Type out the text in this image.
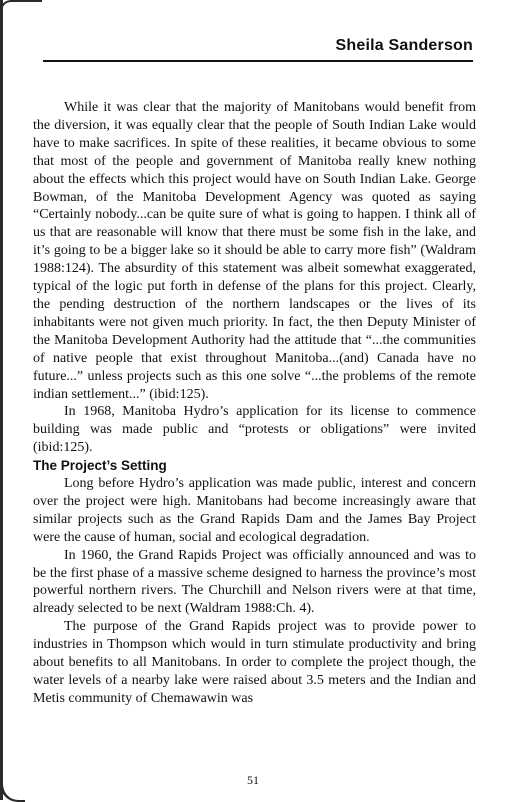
Sheila Sanderson

While it was clear that the majority of Manitobans would benefit from the diversion, it was equally clear that the people of South Indian Lake would have to make sacrifices. In spite of these realities, it became obvious to some that most of the people and government of Manitoba really knew nothing about the effects which this project would have on South Indian Lake. George Bowman, of the Manitoba Development Agency was quoted as saying “Certainly nobody...can be quite sure of what is going to happen. I think all of us that are reasonable will know that there must be some fish in the lake, and it’s going to be a bigger lake so it should be able to carry more fish” (Waldram 1988:124). The absurdity of this statement was albeit somewhat exaggerated, typical of the logic put forth in defense of the plans for this project. Clearly, the pending destruction of the northern landscapes or the lives of its inhabitants were not given much priority. In fact, the then Deputy Minister of the Manitoba Development Authority had the attitude that “...the communities of native people that exist throughout Manitoba...(and) Canada have no future...” unless projects such as this one solve “...the problems of the remote indian settlement...” (ibid:125).

In 1968, Manitoba Hydro’s application for its license to commence building was made public and “protests or obligations” were invited (ibid:125).

The Project’s Setting

Long before Hydro’s application was made public, interest and concern over the project were high. Manitobans had become increasingly aware that similar projects such as the Grand Rapids Dam and the James Bay Project were the cause of human, social and ecological degradation.

In 1960, the Grand Rapids Project was officially announced and was to be the first phase of a massive scheme designed to harness the province’s most powerful northern rivers. The Churchill and Nelson rivers were at that time, already selected to be next (Waldram 1988:Ch. 4).

The purpose of the Grand Rapids project was to provide power to industries in Thompson which would in turn stimulate productivity and bring about benefits to all Manitobans. In order to complete the project though, the water levels of a nearby lake were raised about 3.5 meters and the Indian and Metis community of Chemawawin was

51
